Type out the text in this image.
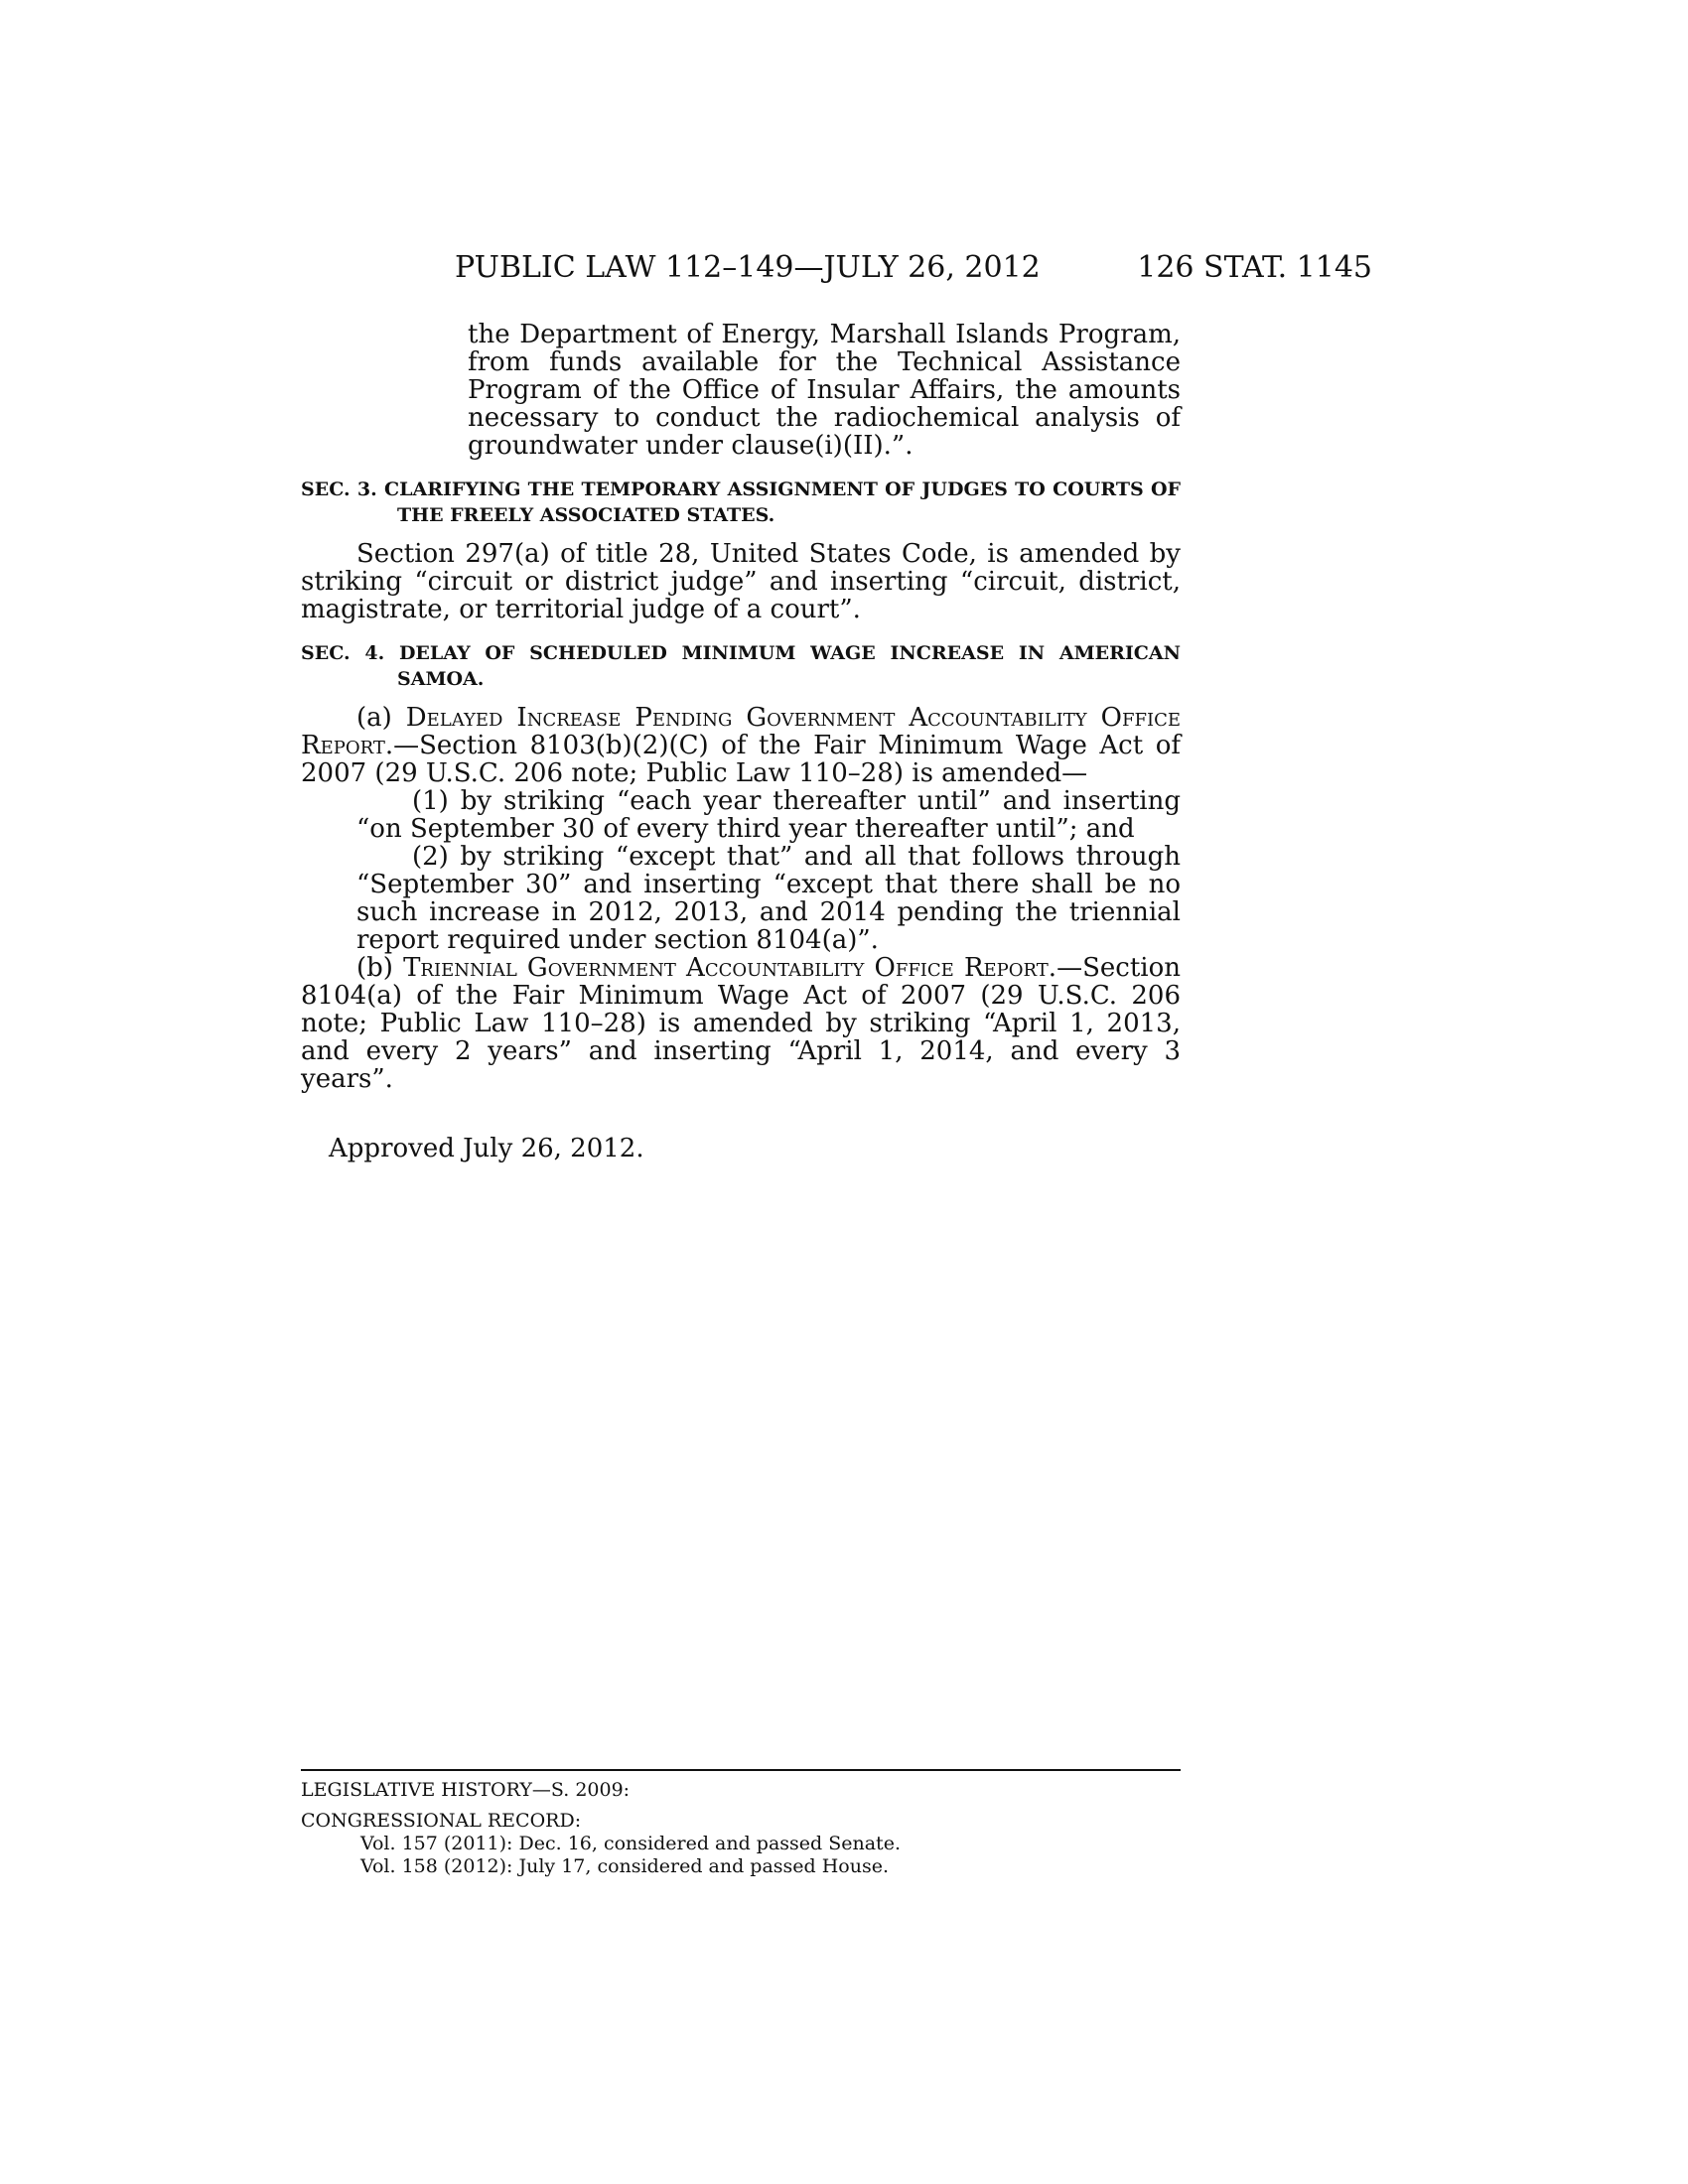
PUBLIC LAW 112–149—JULY 26, 2012	126 STAT. 1145

the Department of Energy, Marshall Islands Program, from funds available for the Technical Assistance Program of the Office of Insular Affairs, the amounts necessary to conduct the radiochemical analysis of groundwater under clause(i)(II).”.

SEC. 3. CLARIFYING THE TEMPORARY ASSIGNMENT OF JUDGES TO COURTS OF THE FREELY ASSOCIATED STATES.

Section 297(a) of title 28, United States Code, is amended by striking “circuit or district judge” and inserting “circuit, district, magistrate, or territorial judge of a court”.

SEC. 4. DELAY OF SCHEDULED MINIMUM WAGE INCREASE IN AMERICAN SAMOA.

(a) Delayed Increase Pending Government Accountability Office Report.—Section 8103(b)(2)(C) of the Fair Minimum Wage Act of 2007 (29 U.S.C. 206 note; Public Law 110–28) is amended—

(1) by striking “each year thereafter until” and inserting “on September 30 of every third year thereafter until”; and

(2) by striking “except that” and all that follows through “September 30” and inserting “except that there shall be no such increase in 2012, 2013, and 2014 pending the triennial report required under section 8104(a)”.

(b) Triennial Government Accountability Office Report.—Section 8104(a) of the Fair Minimum Wage Act of 2007 (29 U.S.C. 206 note; Public Law 110–28) is amended by striking “April 1, 2013, and every 2 years” and inserting “April 1, 2014, and every 3 years”.

Approved July 26, 2012.

LEGISLATIVE HISTORY—S. 2009:
CONGRESSIONAL RECORD:
Vol. 157 (2011): Dec. 16, considered and passed Senate.
Vol. 158 (2012): July 17, considered and passed House.
